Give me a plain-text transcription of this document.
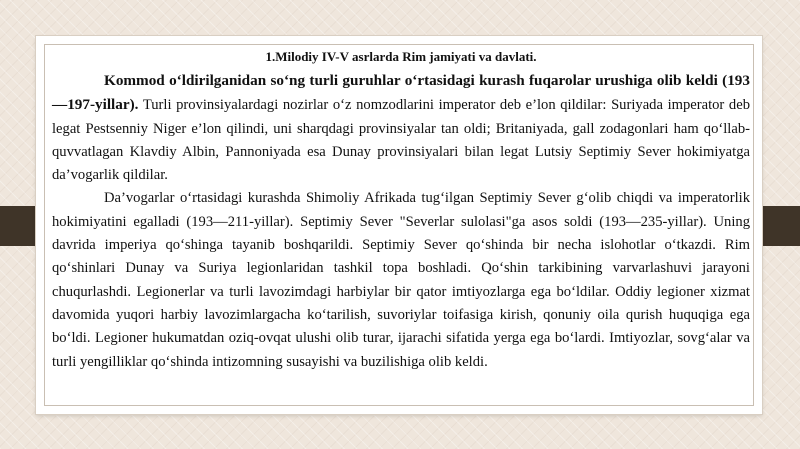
1.Milodiy IV-V asrlarda Rim jamiyati va davlati.

Kommod o‘ldirilganidan so‘ng turli guruhlar o‘rtasidagi kurash fuqarolar urushiga olib keldi (193—197-yillar). Turli provinsiyalardagi nozirlar o‘z nomzodlarini imperator deb e’lon qildilar: Suriyada imperator deb legat Pestsenniy Niger e’lon qilindi, uni sharqdagi provinsiyalar tan oldi; Britaniyada, gall zodagonlari ham qo‘llab-quvvatlagan Klavdiy Albin, Pannoniyada esa Dunay provinsiyalari bilan legat Lutsiy Septimiy Sever hokimiyatga da’vogarlik qildilar.

Da’vogarlar o‘rtasidagi kurashda Shimoliy Afrikada tug‘ilgan Septimiy Sever g‘olib chiqdi va imperatorlik hokimiyatini egalladi (193—211-yillar). Septimiy Sever "Severlar sulolasi"ga asos soldi (193—235-yillar). Uning davrida imperiya qo‘shinga tayanib boshqarildi. Septimiy Sever qo‘shinda bir necha islohotlar o‘tkazdi. Rim qo‘shinlari Dunay va Suriya legionlaridan tashkil topa boshladi. Qo‘shin tarkibining varvarlashuvi jarayoni chuqurlashdi. Legionerlar va turli lavozimdagi harbiylar bir qator imtiyozlarga ega bo‘ldilar. Oddiy legioner xizmat davomida yuqori harbiy lavozimlargacha ko‘tarilish, suvoriylar toifasiga kirish, qonuniy oila qurish huquqiga ega bo‘ldi. Legioner hukumatdan oziq-ovqat ulushi olib turar, ijarachi sifatida yerga ega bo‘lardi. Imtiyozlar, sovg‘alar va turli yengilliklar qo‘shinda intizomning susayishi va buzilishiga olib keldi.
